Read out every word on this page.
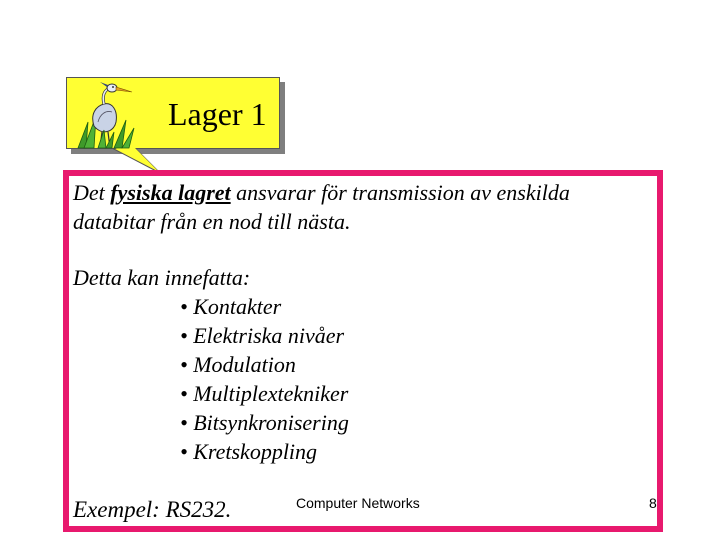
Lager 1
Det fysiska lagret ansvarar för transmission av enskilda
databitar från en nod till nästa.
Detta kan innefatta:
• Kontakter
• Elektriska nivåer
• Modulation
• Multiplextekniker
• Bitsynkronisering
• Kretskoppling
Exempel: RS232.	Computer Networks	8
